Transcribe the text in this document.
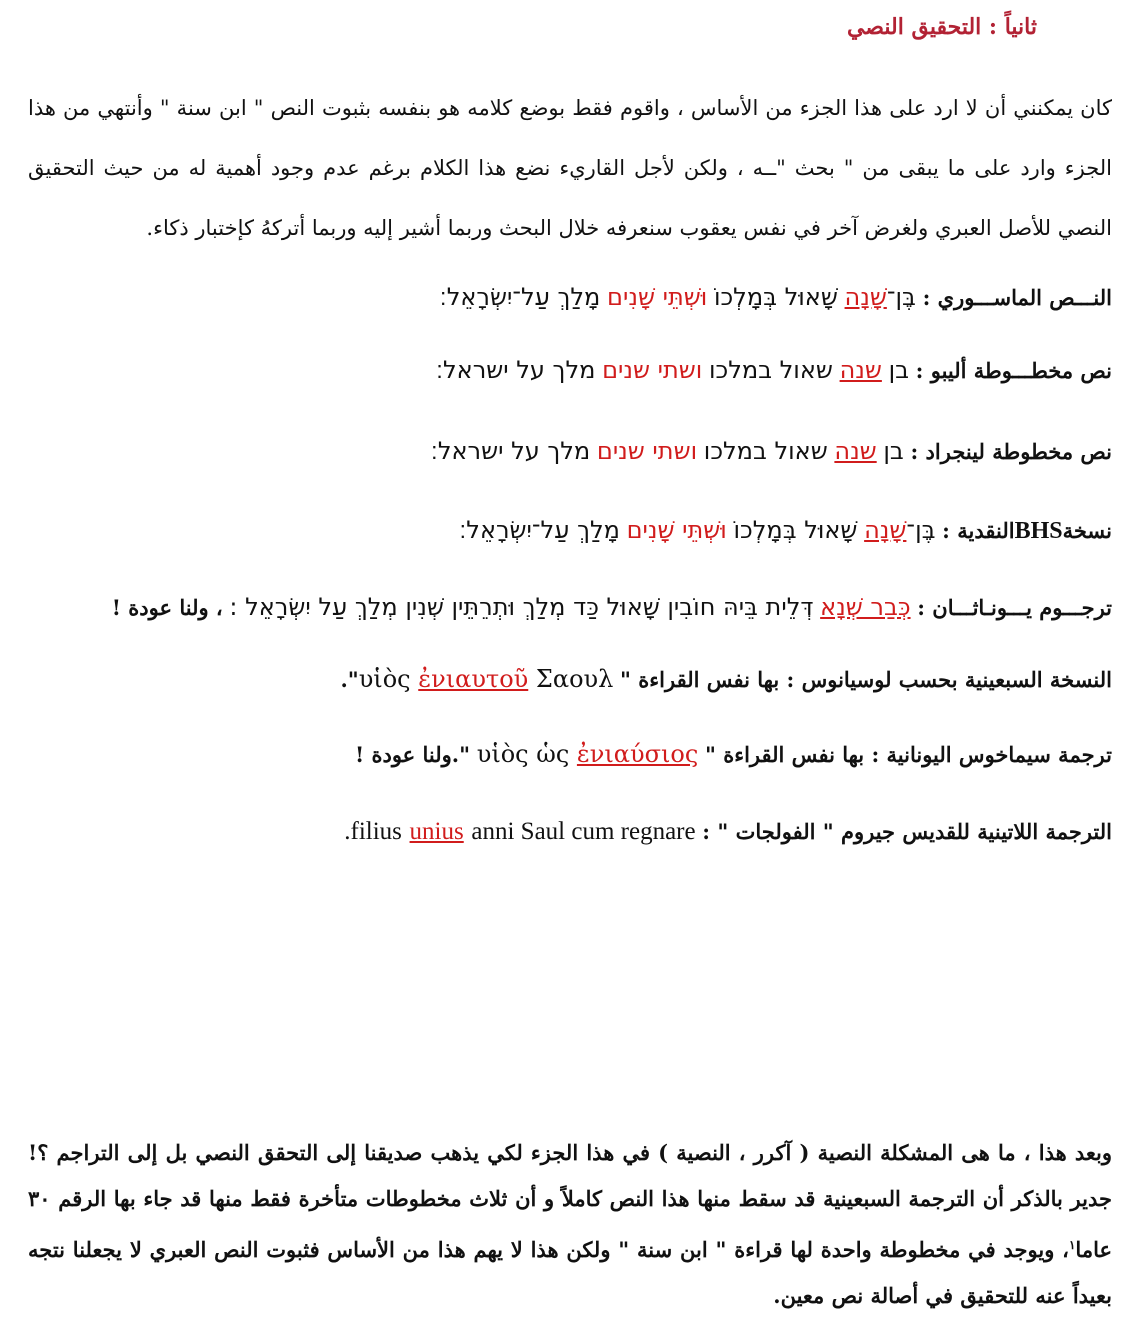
ثانياً : التحقيق النصي

كان يمكنني أن لا ارد على هذا الجزء من الأساس ، واقوم فقط بوضع كلامه هو بنفسه بثبوت النص " ابن سنة " وأنتهي من هذا الجزء وارد على ما يبقى من " بحث "ــه ، ولكن لأجل القاريء نضع هذا الكلام برغم عدم وجود أهمية له من حيث التحقيق النصي للأصل العبري ولغرض آخر في نفس يعقوب سنعرفه خلال البحث وربما أشير إليه وربما أتركهُ كإختبار ذكاء.

النـــص الماســـوري : בֶּן־שָׁנָה שָׁאוּל בְּמָלְכוֹ וּשְׁתֵּי שָׁנִים מָלַךְ עַל־יִשְׂרָאֵל׃
نص مخطـــوطة أليبو : בן שנה שאול במלכו ושתי שנים מלך על ישראל׃
نص مخطوطة لينجراد : בן שנה שאול במלכו ושתי שנים מלך על ישראל׃
نسخةBHSالنقدية : בֶּן־שָׁנָה שָׁאוּל בְּמָלְכוֹ וּשְׁתֵּי שָׁנִים מָלַךְ עַל־יִשְׂרָאֵל׃
ترجـــوم يـــونـاثـــان : כְּבַר שְׁנָא דְּלֵית בֵּיהּ חוֹבִין שָׁאוּל כַּד מְלַךְ וּתְרֵתֵּין שְׁנִין מְלַךְ עַל יִשְׂרָאֵל : ، ولنا عودة !
النسخة السبعينية بحسب لوسيانوس : بها نفس القراءة " υἱὸς ἐνιαυτοῦ Σαουλ".
ترجمة سيماخوس اليونانية : بها نفس القراءة " υἱὸς ὡς ἐνιαύσιος ".ولنا عودة !
الترجمة اللاتينية للقديس جيروم " الفولجات " : .filius unius anni Saul cum regnare

وبعد هذا ، ما هى المشكلة النصية ( آكرر ، النصية ) في هذا الجزء لكي يذهب صديقنا إلى التحقق النصي بل إلى التراجم ؟! جدير بالذكر أن الترجمة السبعينية قد سقط منها هذا النص كاملاً و أن ثلاث مخطوطات متأخرة فقط منها قد جاء بها الرقم ٣٠ عاما$^١$، ويوجد في مخطوطة واحدة لها قراءة " ابن سنة " ولكن هذا لا يهم هذا من الأساس فثبوت النص العبري لا يجعلنا نتجه بعيداً عنه للتحقيق في أصالة نص معين.
